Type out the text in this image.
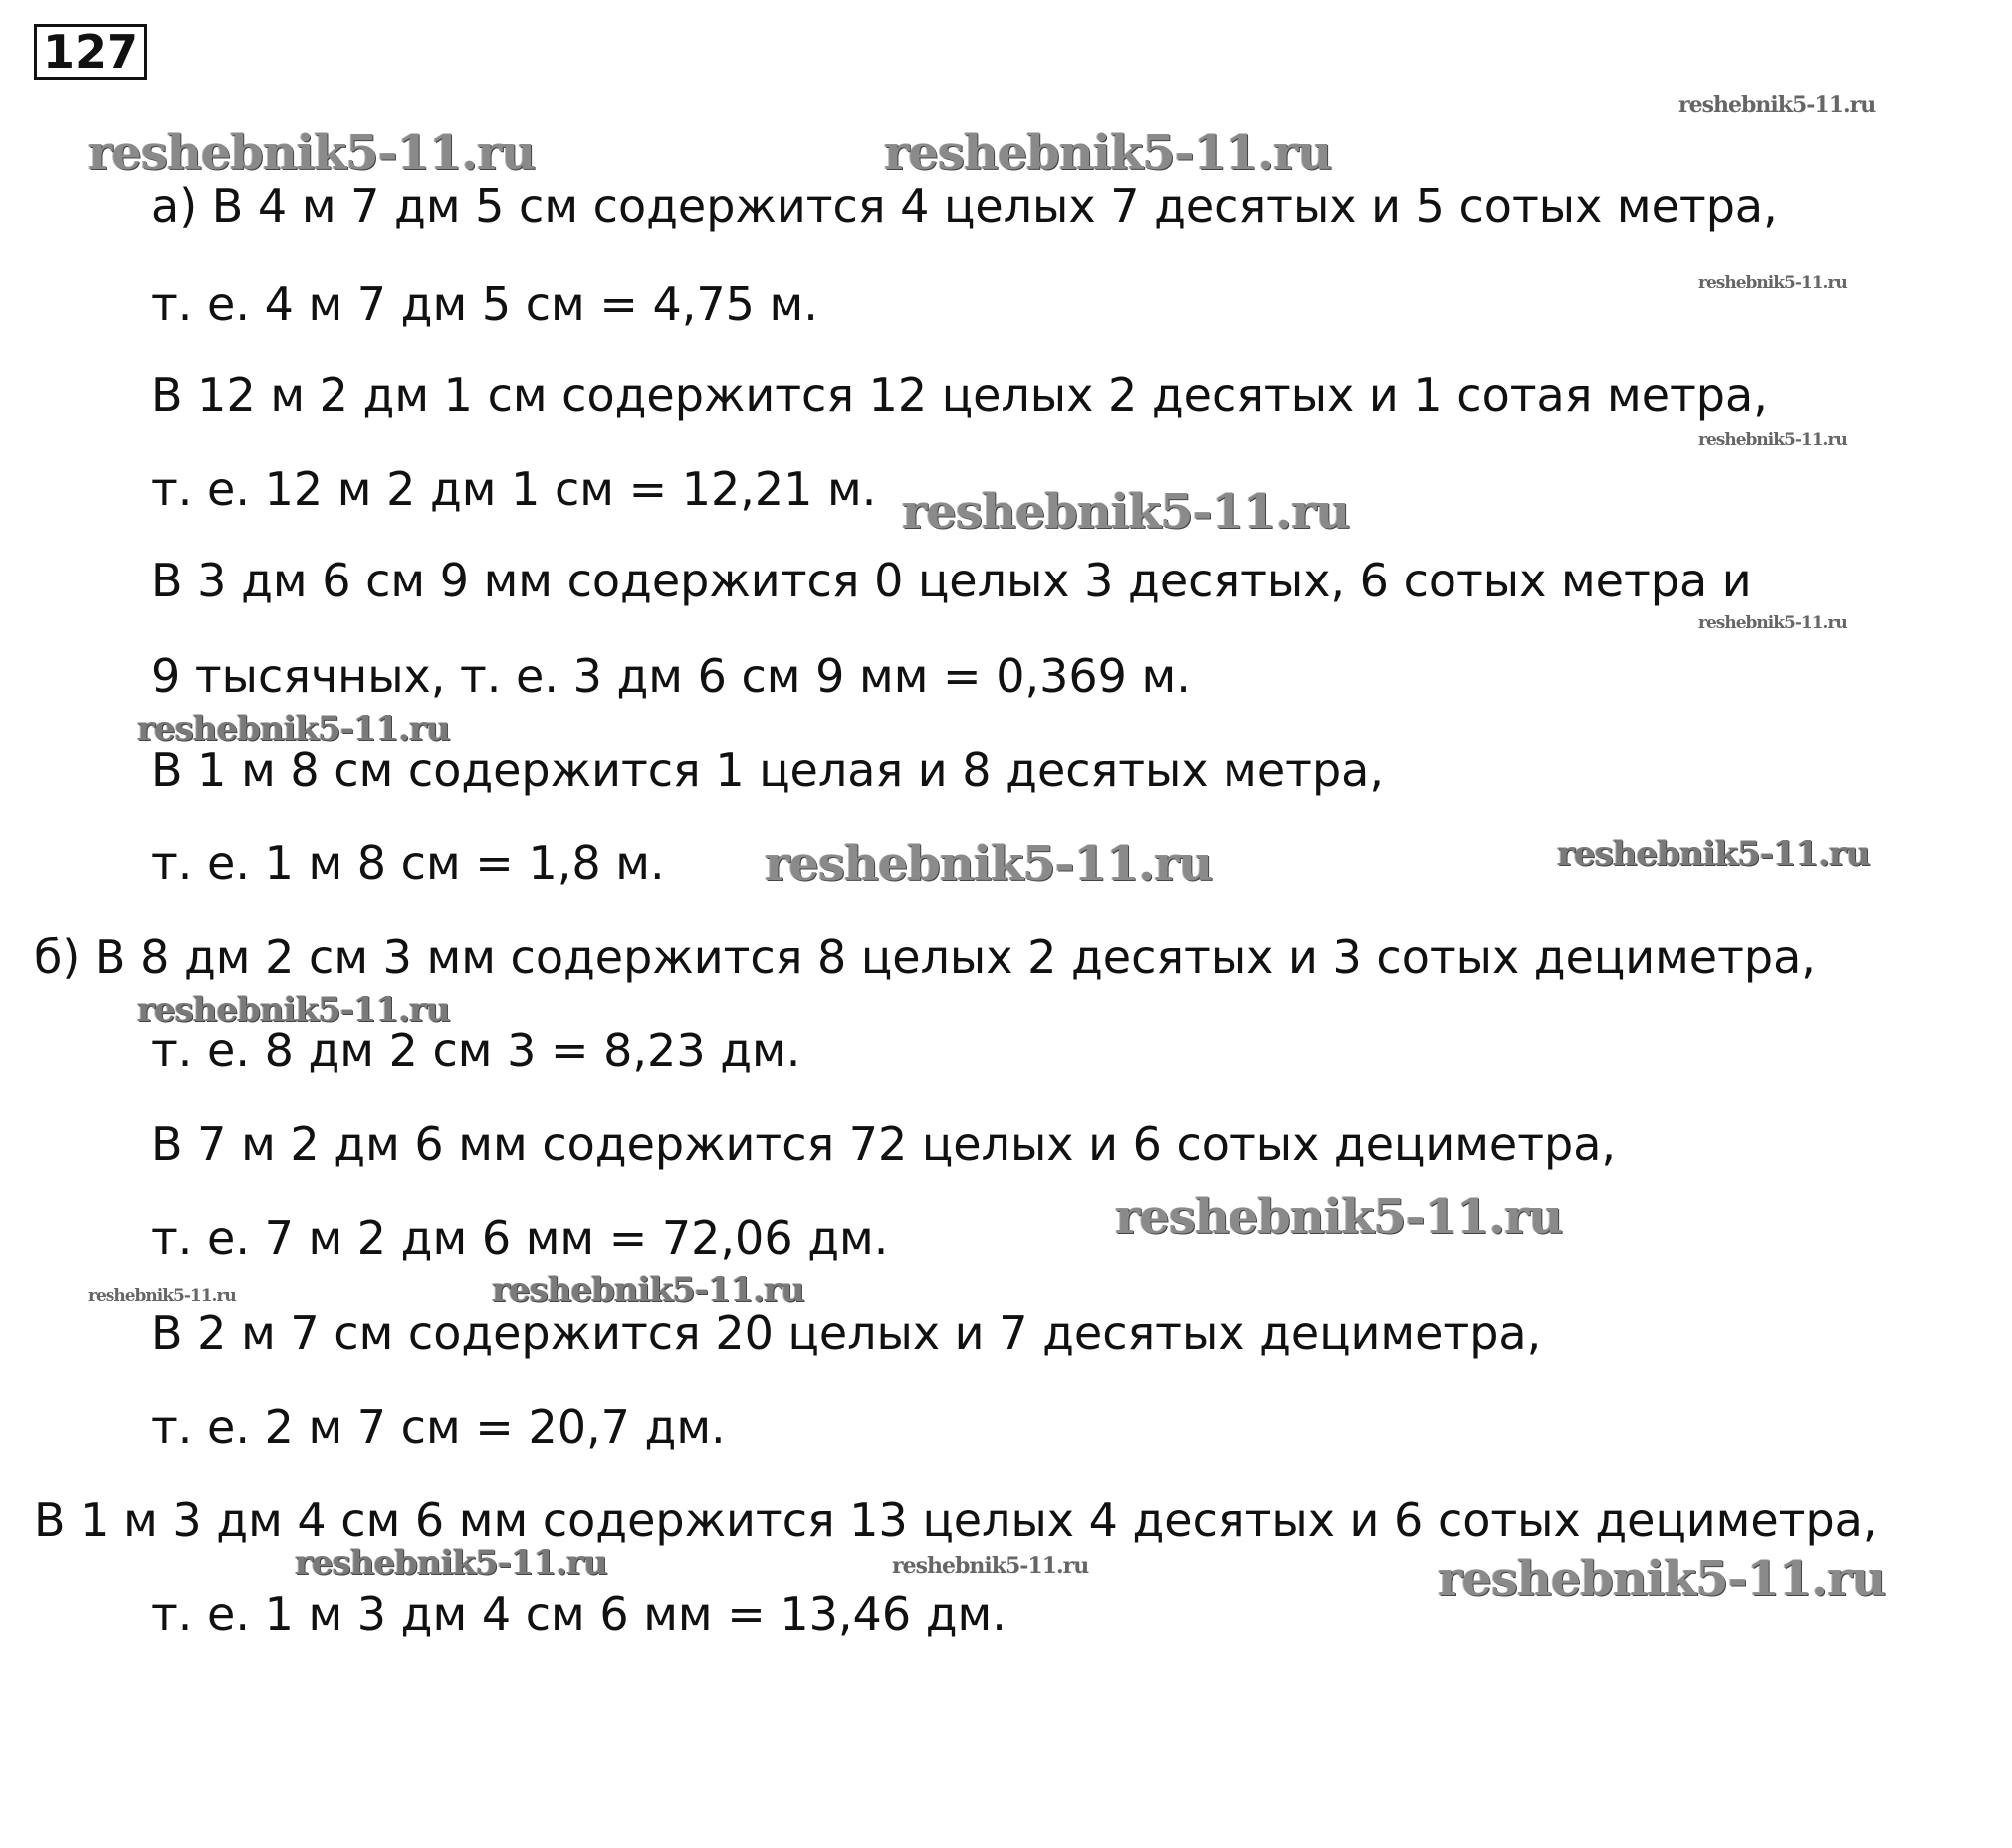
127
а) В 4 м 7 дм 5 см содержится 4 целых 7 десятых и 5 сотых метра,
т. е. 4 м 7 дм 5 см = 4,75 м.
В 12 м 2 дм 1 см содержится 12 целых 2 десятых и 1 сотая метра,
т. е. 12 м 2 дм 1 см = 12,21 м.
В 3 дм 6 см 9 мм содержится 0 целых 3 десятых, 6 сотых метра и
9 тысячных, т. е. 3 дм 6 см 9 мм = 0,369 м.
В 1 м 8 см содержится 1 целая и 8 десятых метра,
т. е. 1 м 8 см = 1,8 м.
б) В 8 дм 2 см 3 мм содержится 8 целых 2 десятых и 3 сотых дециметра,
т. е. 8 дм 2 см 3 = 8,23 дм.
В 7 м 2 дм 6 мм содержится 72 целых и 6 сотых дециметра,
т. е. 7 м 2 дм 6 мм = 72,06 дм.
В 2 м 7 см содержится 20 целых и 7 десятых дециметра,
т. е. 2 м 7 см = 20,7 дм.
В 1 м 3 дм 4 см 6 мм содержится 13 целых 4 десятых и 6 сотых дециметра,
т. е. 1 м 3 дм 4 см 6 мм = 13,46 дм.
reshebnik5-11.ru
reshebnik5-11.ru	reshebnik5-11.ru
reshebnik5-11.ru
reshebnik5-11.ru
reshebnik5-11.ru
reshebnik5-11.ru
reshebnik5-11.ru
reshebnik5-11.ru	reshebnik5-11.ru
reshebnik5-11.ru
reshebnik5-11.ru
reshebnik5-11.ru	reshebnik5-11.ru
reshebnik5-11.ru	reshebnik5-11.ru	reshebnik5-11.ru
